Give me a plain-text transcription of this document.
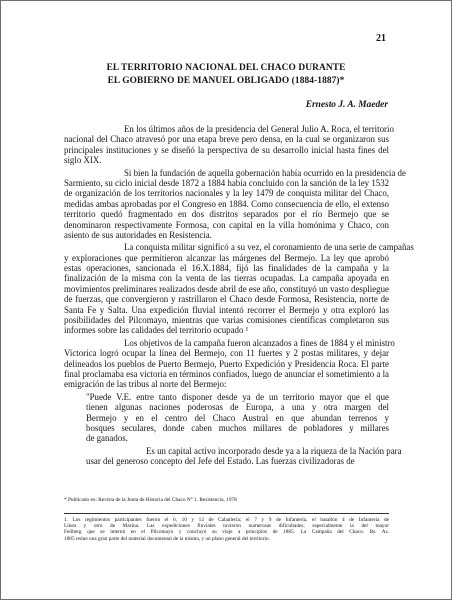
21
EL TERRITORIO NACIONAL DEL CHACO DURANTE
EL GOBIERNO DE MANUEL OBLIGADO (1884-1887)*
Ernesto J. A. Maeder
En los últimos años de la presidencia del General Julio A. Roca, el territorio
nacional del Chaco atravesó por una etapa breve pero densa, en la cual se organizaron sus
principales instituciones y se diseñó la perspectiva de su desarrollo inicial hasta fines del
siglo XIX.
Si bien la fundación de aquella gobernación había ocurrido en la presidencia de
Sarmiento, su ciclo inicial desde 1872 a 1884 había concluido con la sanción de la ley 1532
de organización de los territorios nacionales y la ley 1479 de conquista militar del Chaco,
medidas ambas aprobadas por el Congreso en 1884. Como consecuencia de ello, el extenso
territorio quedó fragmentado en dos distritos separados por el río Bermejo que se
denominaron respectivamente Formosa, con capital en la villa homónima y Chaco, con
asiento de sus autoridades en Resistencia.
La conquista militar significó a su vez, el coronamiento de una serie de campañas
y exploraciones que permitieron alcanzar las márgenes del Bermejo. La ley que aprobó
estas operaciones, sancionada el 16.X.1884, fijó las finalidades de la campaña y la
finalización de la misma con la venta de las tierras ocupadas. La campaña apoyada en
movimientos preliminares realizados desde abril de ese año, constituyó un vasto despliegue
de fuerzas, que convergieron y rastrillaron el Chaco desde Formosa, Resistencia, norte de
Santa Fe y Salta. Una expedición fluvial intentó recorrer el Bermejo y otra exploró las
posibilidades del Pilcomayo, mientras que varias comisiones científicas completaron sus
informes sobre las calidades del territorio ocupado ¹
Los objetivos de la campaña fueron alcanzados a fines de 1884 y el ministro
Victorica logró ocupar la línea del Bermejo, con 11 fuertes y 2 postas militares, y dejar
delineados los pueblos de Puerto Bermejo, Puerto Expedición y Presidencia Roca. El parte
final proclamaba esa victoria en términos confiados, luego de anunciar el sometimiento a la
emigración de las tribus al norte del Bermejo:
"Puede V.E. entre tanto disponer desde ya de un territorio mayor que el que
tienen algunas naciones poderosas de Europa, a una y otra margen del
Bermejo y en el centro del Chaco Austral en que abundan terrenos y
bosques seculares, donde caben muchos millares de pobladores y millares
de ganados.
Es un capital activo incorporado desde ya a la riqueza de la Nación para
usar del generoso concepto del Jefe del Estado. Las fuerzas civilizadoras de
* Publicado en: Revista de la Junta de Historia del Chaco N° 1. Resistencia, 1978
1. Los regimientos participantes fueron el 6, 10 y 12 de Caballería; el 7 y 9 de Infantería, el batallón 4 de Infantería de
Línea y otro de Marina. Las expediciones fluviales tuvieron numerosas dificultades, especialmente la del mayor
Feilberg que se internó en el Pilcomayo y concluyó su viaje a principios de 1885. La Campaña del Chaco. Bs. As.
1885 reúne una gran parte del material documental de la misma, y un plano general del territorio.
